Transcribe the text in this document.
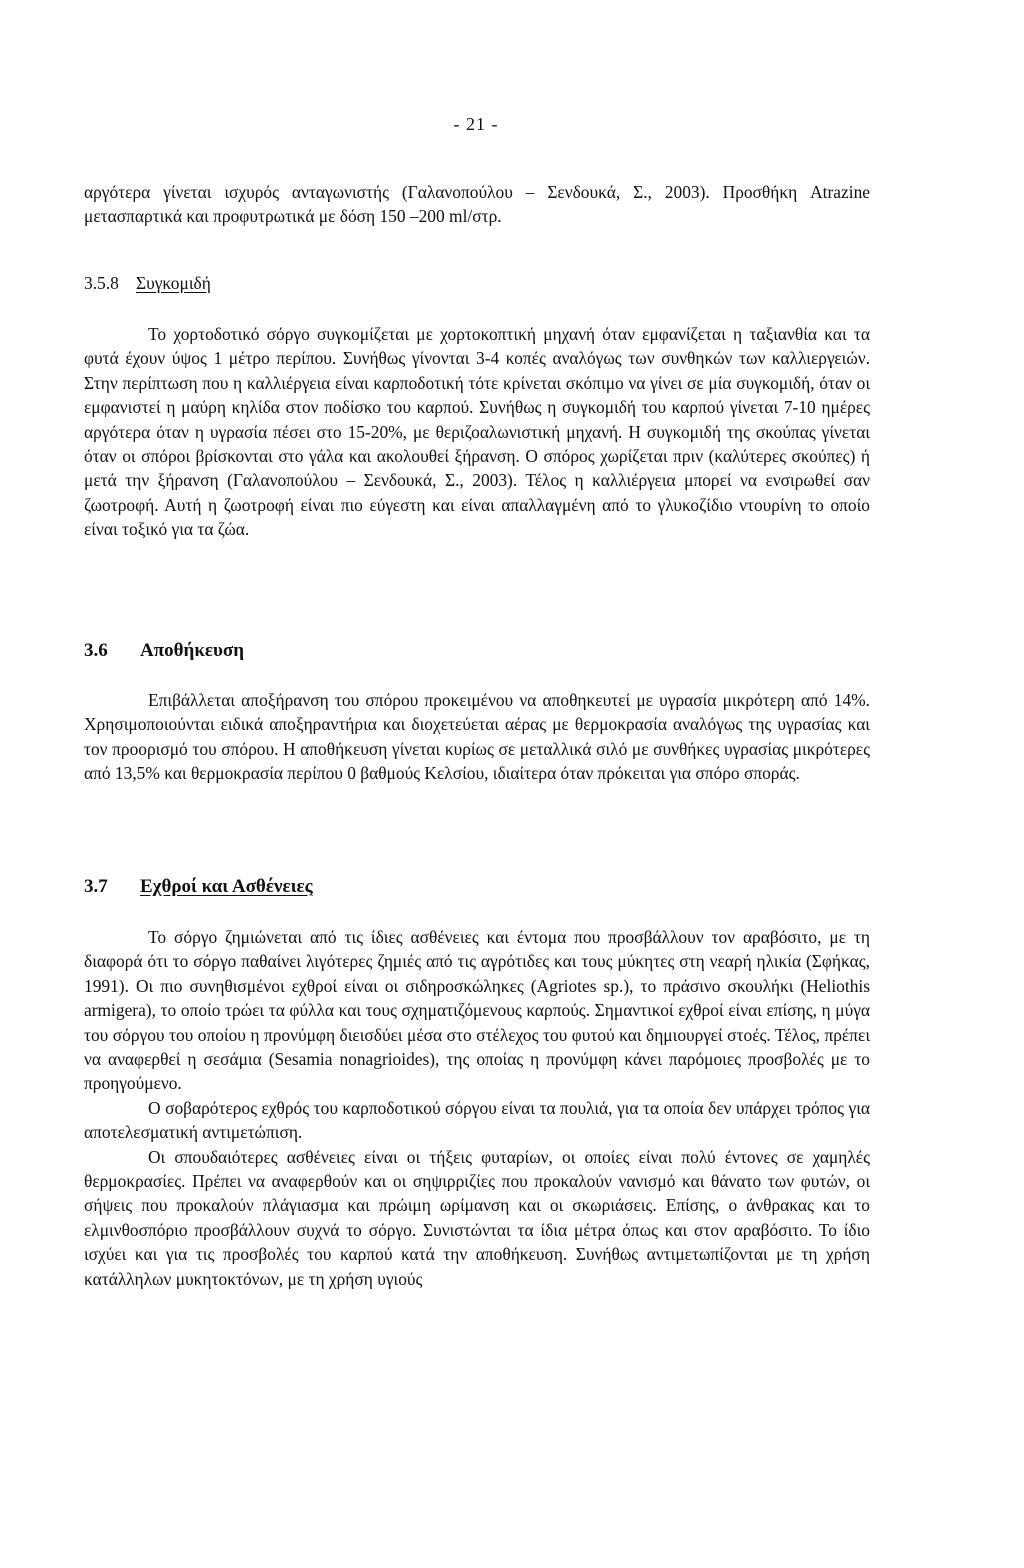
- 21 -

αργότερα γίνεται ισχυρός ανταγωνιστής (Γαλανοπούλου – Σενδουκά, Σ., 2003). Προσθήκη Atrazine μετασπαρτικά και προφυτρωτικά με δόση 150 –200 ml/στρ.

3.5.8 Συγκομιδή

Το χορτοδοτικό σόργο συγκομίζεται με χορτοκοπτική μηχανή όταν εμφανίζεται η ταξιανθία και τα φυτά έχουν ύψος 1 μέτρο περίπου. Συνήθως γίνονται 3-4 κοπές αναλόγως των συνθηκών των καλλιεργειών. Στην περίπτωση που η καλλιέργεια είναι καρποδοτική τότε κρίνεται σκόπιμο να γίνει σε μία συγκομιδή, όταν οι εμφανιστεί η μαύρη κηλίδα στον ποδίσκο του καρπού. Συνήθως η συγκομιδή του καρπού γίνεται 7-10 ημέρες αργότερα όταν η υγρασία πέσει στο 15-20%, με θεριζοαλωνιστική μηχανή. Η συγκομιδή της σκούπας γίνεται όταν οι σπόροι βρίσκονται στο γάλα και ακολουθεί ξήρανση. Ο σπόρος χωρίζεται πριν (καλύτερες σκούπες) ή μετά την ξήρανση (Γαλανοπούλου – Σενδουκά, Σ., 2003). Τέλος η καλλιέργεια μπορεί να ενσιρωθεί σαν ζωοτροφή. Αυτή η ζωοτροφή είναι πιο εύγεστη και είναι απαλλαγμένη από το γλυκοζίδιο ντουρίνη το οποίο είναι τοξικό για τα ζώα.

3.6 Αποθήκευση

Επιβάλλεται αποξήρανση του σπόρου προκειμένου να αποθηκευτεί με υγρασία μικρότερη από 14%. Χρησιμοποιούνται ειδικά αποξηραντήρια και διοχετεύεται αέρας με θερμοκρασία αναλόγως της υγρασίας και τον προορισμό του σπόρου. Η αποθήκευση γίνεται κυρίως σε μεταλλικά σιλό με συνθήκες υγρασίας μικρότερες από 13,5% και θερμοκρασία περίπου 0 βαθμούς Κελσίου, ιδιαίτερα όταν πρόκειται για σπόρο σποράς.

3.7 Εχθροί και Ασθένειες

Το σόργο ζημιώνεται από τις ίδιες ασθένειες και έντομα που προσβάλλουν τον αραβόσιτο, με τη διαφορά ότι το σόργο παθαίνει λιγότερες ζημιές από τις αγρότιδες και τους μύκητες στη νεαρή ηλικία (Σφήκας, 1991). Οι πιο συνηθισμένοι εχθροί είναι οι σιδηροσκώληκες (Agriotes sp.), το πράσινο σκουλήκι (Heliothis armigera), το οποίο τρώει τα φύλλα και τους σχηματιζόμενους καρπούς. Σημαντικοί εχθροί είναι επίσης, η μύγα του σόργου του οποίου η προνύμφη διεισδύει μέσα στο στέλεχος του φυτού και δημιουργεί στοές. Τέλος, πρέπει να αναφερθεί η σεσάμια (Sesamia nonagrioides), της οποίας η προνύμφη κάνει παρόμοιες προσβολές με το προηγούμενο.

Ο σοβαρότερος εχθρός του καρποδοτικού σόργου είναι τα πουλιά, για τα οποία δεν υπάρχει τρόπος για αποτελεσματική αντιμετώπιση.

Οι σπουδαιότερες ασθένειες είναι οι τήξεις φυταρίων, οι οποίες είναι πολύ έντονες σε χαμηλές θερμοκρασίες. Πρέπει να αναφερθούν και οι σηψιρριζίες που προκαλούν νανισμό και θάνατο των φυτών, οι σήψεις που προκαλούν πλάγιασμα και πρώιμη ωρίμανση και οι σκωριάσεις. Επίσης, ο άνθρακας και το ελμινθοσπόριο προσβάλλουν συχνά το σόργο. Συνιστώνται τα ίδια μέτρα όπως και στον αραβόσιτο. Το ίδιο ισχύει και για τις προσβολές του καρπού κατά την αποθήκευση. Συνήθως αντιμετωπίζονται με τη χρήση κατάλληλων μυκητοκτόνων, με τη χρήση υγιούς
